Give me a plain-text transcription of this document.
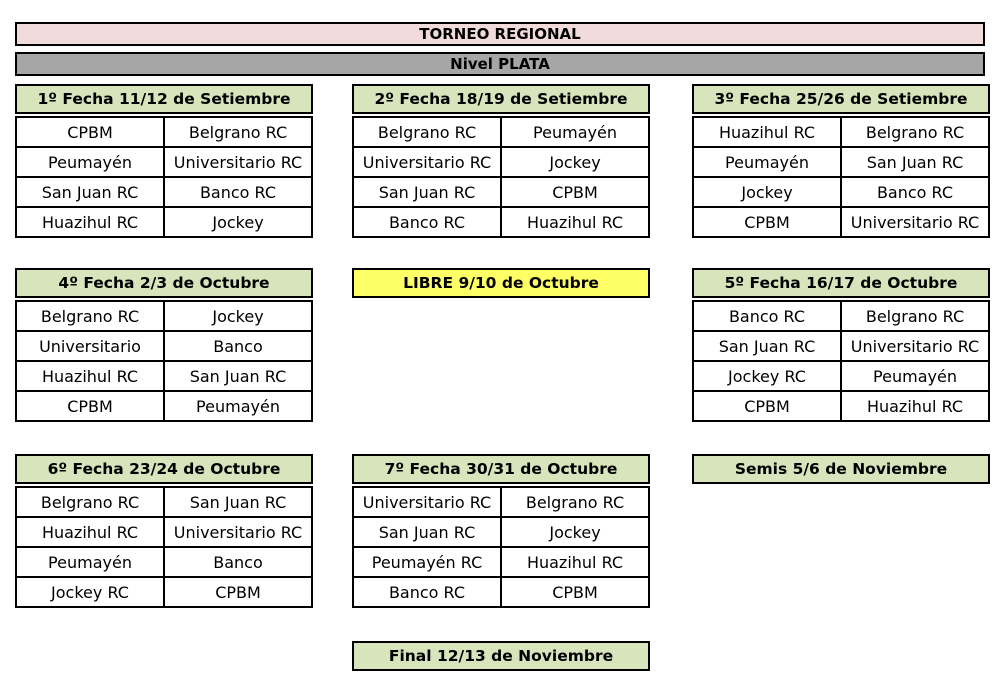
TORNEO REGIONAL
Nivel PLATA
1º Fecha 11/12 de Setiembre
CPBM	Belgrano RC
Peumayén	Universitario RC
San Juan RC	Banco RC
Huazihul RC	Jockey
2º Fecha 18/19 de Setiembre
Belgrano RC	Peumayén
Universitario RC	Jockey
San Juan RC	CPBM
Banco RC	Huazihul RC
3º Fecha 25/26 de Setiembre
Huazihul RC	Belgrano RC
Peumayén	San Juan RC
Jockey	Banco RC
CPBM	Universitario RC
4º Fecha 2/3 de Octubre
Belgrano RC	Jockey
Universitario	Banco
Huazihul RC	San Juan RC
CPBM	Peumayén
LIBRE 9/10 de Octubre	5º Fecha 16/17 de Octubre
Banco RC	Belgrano RC
San Juan RC	Universitario RC
Jockey RC	Peumayén
CPBM	Huazihul RC
6º Fecha 23/24 de Octubre
Belgrano RC	San Juan RC
Huazihul RC	Universitario RC
Peumayén	Banco
Jockey RC	CPBM
7º Fecha 30/31 de Octubre
Universitario RC	Belgrano RC
San Juan RC	Jockey
Peumayén RC	Huazihul RC
Banco RC	CPBM
Semis 5/6 de Noviembre
Final 12/13 de Noviembre
